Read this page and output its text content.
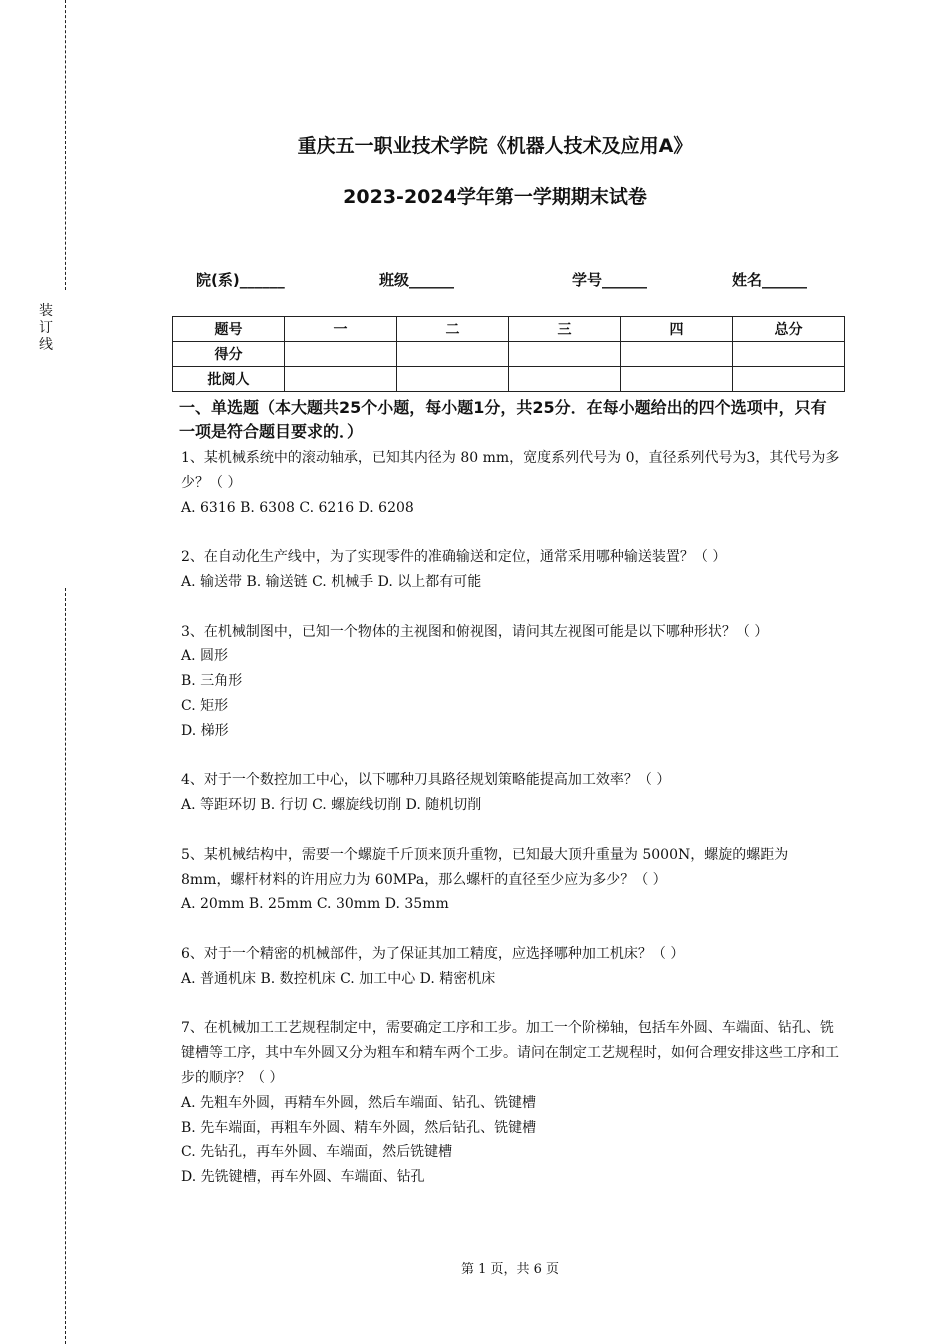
装
订
线
重庆五一职业技术学院《机器人技术及应用A》
2023-2024学年第一学期期末试卷
院(系)______	班级______	学号______	姓名______
题号	一	二	三	四	总分
得分					
批阅人					
一、单选题（本大题共25个小题，每小题1分，共25分．在每小题给出的四个选项中，只有一项是符合题目要求的．）

1、某机械系统中的滚动轴承，已知其内径为 80 mm，宽度系列代号为 0，直径系列代号为3，其代号为多少？（ ）

A. 6316 B. 6308 C. 6216 D. 6208

2、在自动化生产线中，为了实现零件的准确输送和定位，通常采用哪种输送装置？（ ）

A. 输送带 B. 输送链 C. 机械手 D. 以上都有可能

3、在机械制图中，已知一个物体的主视图和俯视图，请问其左视图可能是以下哪种形状？（ ）

A. 圆形

B. 三角形

C. 矩形

D. 梯形

4、对于一个数控加工中心，以下哪种刀具路径规划策略能提高加工效率？（ ）

A. 等距环切 B. 行切 C. 螺旋线切削 D. 随机切削

5、某机械结构中，需要一个螺旋千斤顶来顶升重物，已知最大顶升重量为 5000N，螺旋的螺距为 8mm，螺杆材料的许用应力为 60MPa，那么螺杆的直径至少应为多少？（ ）

A. 20mm B. 25mm C. 30mm D. 35mm

6、对于一个精密的机械部件，为了保证其加工精度，应选择哪种加工机床？（ ）

A. 普通机床 B. 数控机床 C. 加工中心 D. 精密机床

7、在机械加工工艺规程制定中，需要确定工序和工步。加工一个阶梯轴，包括车外圆、车端面、钻孔、铣键槽等工序，其中车外圆又分为粗车和精车两个工步。请问在制定工艺规程时，如何合理安排这些工序和工步的顺序？（ ）

A. 先粗车外圆，再精车外圆，然后车端面、钻孔、铣键槽

B. 先车端面，再粗车外圆、精车外圆，然后钻孔、铣键槽

C. 先钻孔，再车外圆、车端面，然后铣键槽

D. 先铣键槽，再车外圆、车端面、钻孔

第 1 页，共 6 页
